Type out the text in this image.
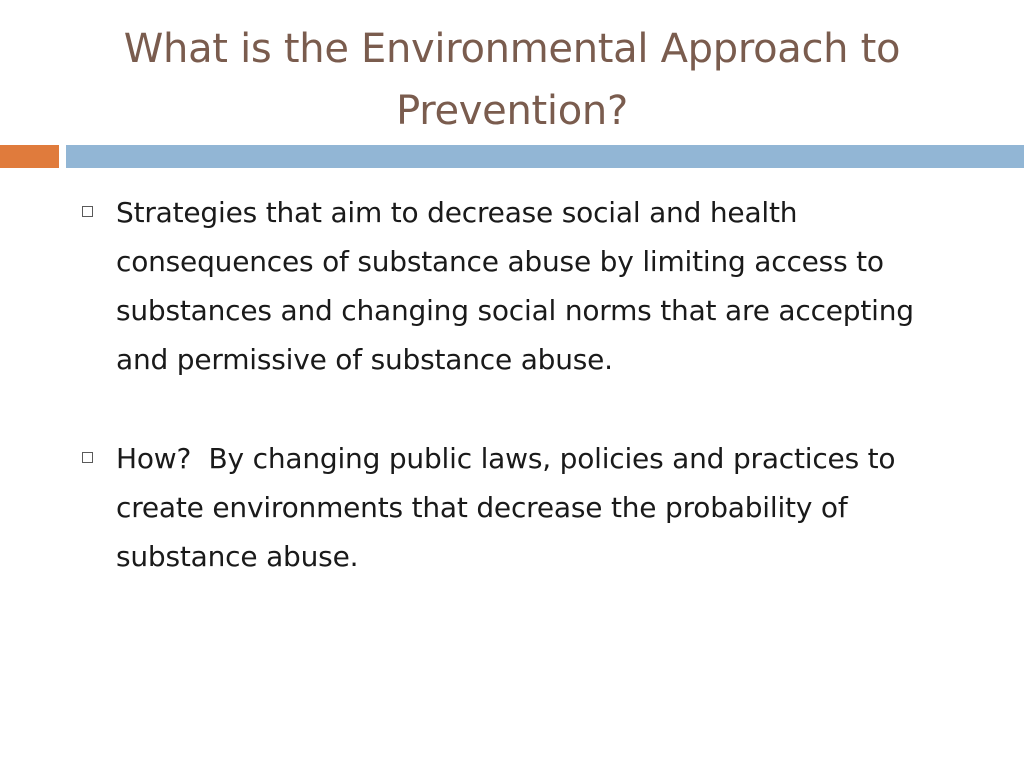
What is the Environmental Approach to Prevention?
Strategies that aim to decrease social and health consequences of substance abuse by limiting access to substances and changing social norms that are accepting and permissive of substance abuse.
How?  By changing public laws, policies and practices to create environments that decrease the probability of substance abuse.
